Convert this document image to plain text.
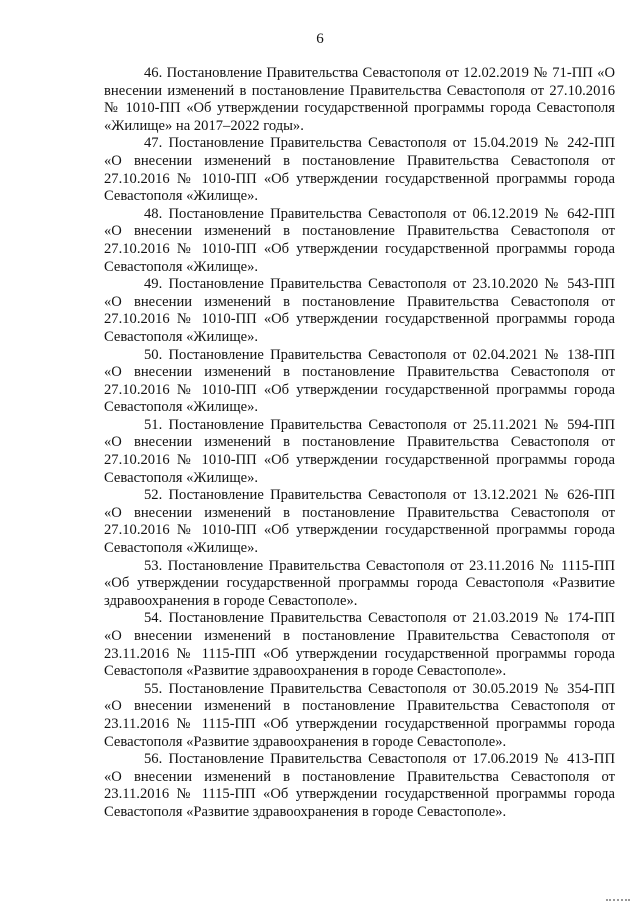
6

46. Постановление Правительства Севастополя от 12.02.2019 № 71-ПП «О внесении изменений в постановление Правительства Севастополя от 27.10.2016 № 1010-ПП «Об утверждении государственной программы города Севастополя «Жилище» на 2017–2022 годы».

47. Постановление Правительства Севастополя от 15.04.2019 № 242-ПП «О внесении изменений в постановление Правительства Севастополя от 27.10.2016 № 1010-ПП «Об утверждении государственной программы города Севастополя «Жилище».

48. Постановление Правительства Севастополя от 06.12.2019 № 642-ПП «О внесении изменений в постановление Правительства Севастополя от 27.10.2016 № 1010-ПП «Об утверждении государственной программы города Севастополя «Жилище».

49. Постановление Правительства Севастополя от 23.10.2020 № 543-ПП «О внесении изменений в постановление Правительства Севастополя от 27.10.2016 № 1010-ПП «Об утверждении государственной программы города Севастополя «Жилище».

50. Постановление Правительства Севастополя от 02.04.2021 № 138-ПП «О внесении изменений в постановление Правительства Севастополя от 27.10.2016 № 1010-ПП «Об утверждении государственной программы города Севастополя «Жилище».

51. Постановление Правительства Севастополя от 25.11.2021 № 594-ПП «О внесении изменений в постановление Правительства Севастополя от 27.10.2016 № 1010-ПП «Об утверждении государственной программы города Севастополя «Жилище».

52. Постановление Правительства Севастополя от 13.12.2021 № 626-ПП «О внесении изменений в постановление Правительства Севастополя от 27.10.2016 № 1010-ПП «Об утверждении государственной программы города Севастополя «Жилище».

53. Постановление Правительства Севастополя от 23.11.2016 № 1115-ПП «Об утверждении государственной программы города Севастополя «Развитие здравоохранения в городе Севастополе».

54. Постановление Правительства Севастополя от 21.03.2019 № 174-ПП «О внесении изменений в постановление Правительства Севастополя от 23.11.2016 № 1115-ПП «Об утверждении государственной программы города Севастополя «Развитие здравоохранения в городе Севастополе».

55. Постановление Правительства Севастополя от 30.05.2019 № 354-ПП «О внесении изменений в постановление Правительства Севастополя от 23.11.2016 № 1115-ПП «Об утверждении государственной программы города Севастополя «Развитие здравоохранения в городе Севастополе».

56. Постановление Правительства Севастополя от 17.06.2019 № 413-ПП «О внесении изменений в постановление Правительства Севастополя от 23.11.2016 № 1115-ПП «Об утверждении государственной программы города Севастополя «Развитие здравоохранения в городе Севастополе».
